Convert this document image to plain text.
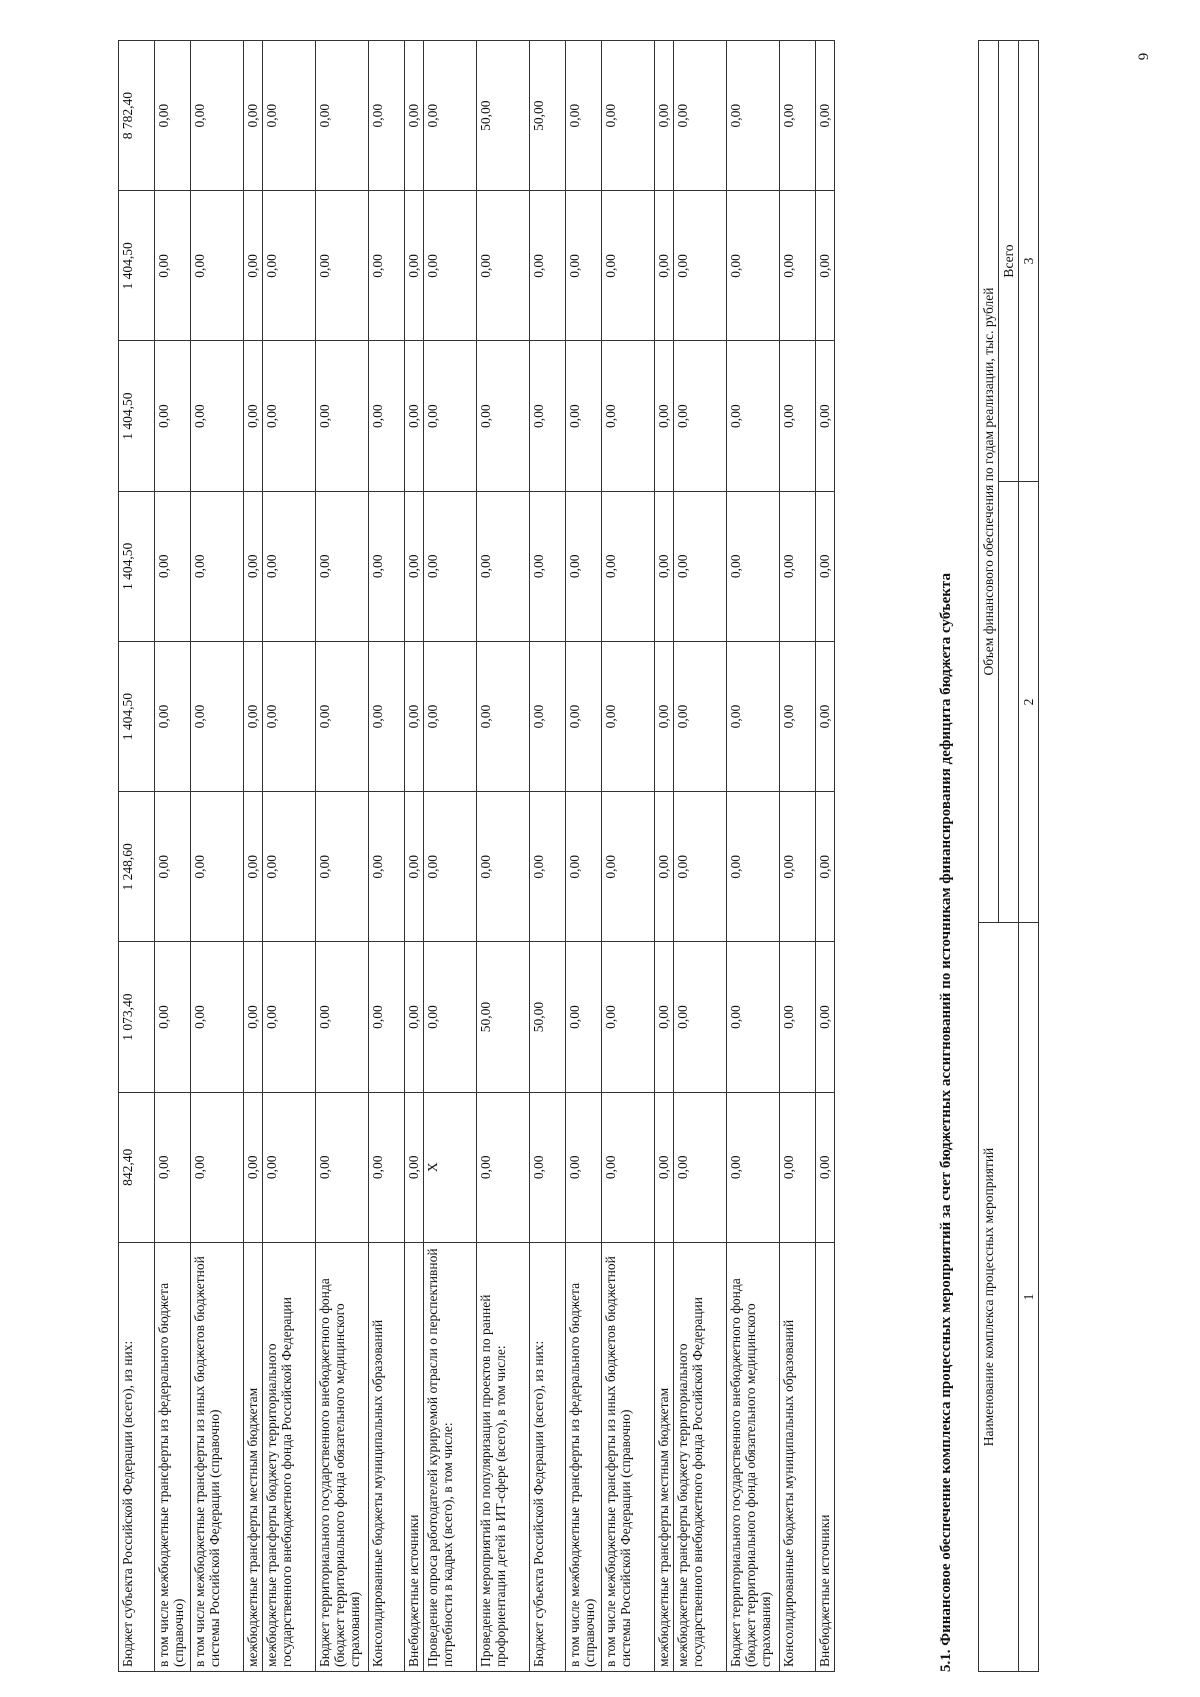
6
Бюджет субъекта Российской Федерации (всего), из них:	842,40	1 073,40	1 248,60	1 404,50	1 404,50	1 404,50	1 404,50	8 782,40
в том числе межбюджетные трансферты из федерального бюджета (справочно)	0,00	0,00	0,00	0,00	0,00	0,00	0,00	0,00
в том числе межбюджетные трансферты из иных бюджетов бюджетной системы Российской Федерации (справочно)	0,00	0,00	0,00	0,00	0,00	0,00	0,00	0,00
межбюджетные трансферты местным бюджетам	0,00	0,00	0,00	0,00	0,00	0,00	0,00	0,00
межбюджетные трансферты бюджету территориального государственного внебюджетного фонда Российской Федерации	0,00	0,00	0,00	0,00	0,00	0,00	0,00	0,00
Бюджет территориального государственного внебюджетного фонда (бюджет территориального фонда обязательного медицинского страхования)	0,00	0,00	0,00	0,00	0,00	0,00	0,00	0,00
Консолидированные бюджеты муниципальных образований	0,00	0,00	0,00	0,00	0,00	0,00	0,00	0,00
Внебюджетные источники	0,00	0,00	0,00	0,00	0,00	0,00	0,00	0,00
Проведение опроса работодателей курируемой отрасли о перспективной потребности в кадрах (всего), в том числе:	X	0,00	0,00	0,00	0,00	0,00	0,00	0,00
Проведение мероприятий по популяризации проектов по ранней профориентации детей в ИТ-сфере (всего), в том числе:	0,00	50,00	0,00	0,00	0,00	0,00	0,00	50,00
Бюджет субъекта Российской Федерации (всего), из них:	0,00	50,00	0,00	0,00	0,00	0,00	0,00	50,00
в том числе межбюджетные трансферты из федерального бюджета (справочно)	0,00	0,00	0,00	0,00	0,00	0,00	0,00	0,00
в том числе межбюджетные трансферты из иных бюджетов бюджетной системы Российской Федерации (справочно)	0,00	0,00	0,00	0,00	0,00	0,00	0,00	0,00
межбюджетные трансферты местным бюджетам	0,00	0,00	0,00	0,00	0,00	0,00	0,00	0,00
межбюджетные трансферты бюджету территориального государственного внебюджетного фонда Российской Федерации	0,00	0,00	0,00	0,00	0,00	0,00	0,00	0,00
Бюджет территориального государственного внебюджетного фонда (бюджет территориального фонда обязательного медицинского страхования)	0,00	0,00	0,00	0,00	0,00	0,00	0,00	0,00
Консолидированные бюджеты муниципальных образований	0,00	0,00	0,00	0,00	0,00	0,00	0,00	0,00
Внебюджетные источники	0,00	0,00	0,00	0,00	0,00	0,00	0,00	0,00
5.1. Финансовое обеспечение комплекса процессных мероприятий за счет бюджетных ассигнований по источникам финансирования дефицита бюджета субъекта Наименование комплекса процессных мероприятий	Объем финансового обеспечения по годам реализации, тыс. рублей	
		Всего
1	2	3
